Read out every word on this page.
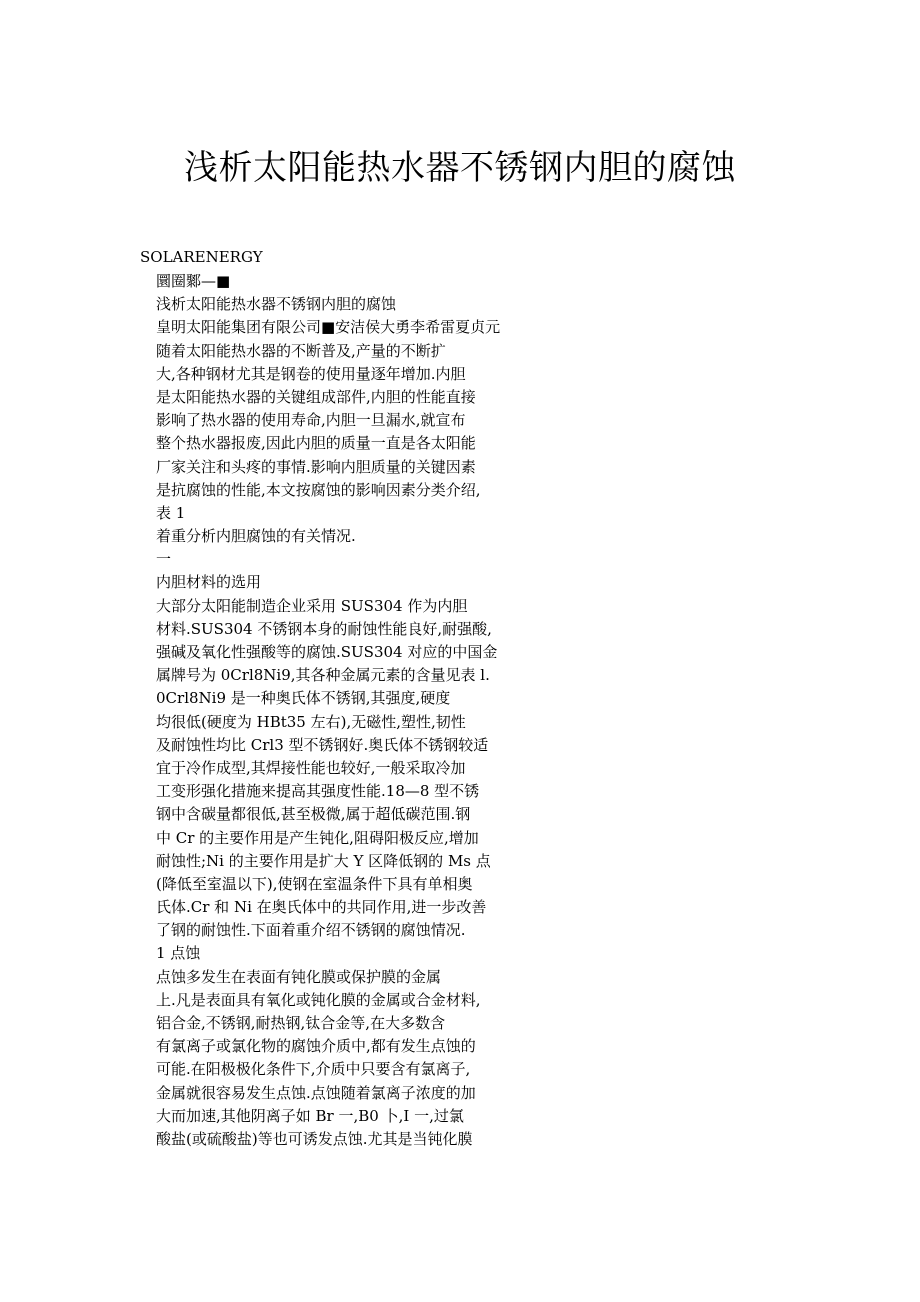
浅析太阳能热水器不锈钢内胆的腐蚀
SOLARENERGY
圜圈鄹—■
浅析太阳能热水器不锈钢内胆的腐蚀
皇明太阳能集团有限公司■安洁侯大勇李希雷夏贞元
随着太阳能热水器的不断普及,产量的不断扩
大,各种钢材尤其是钢卷的使用量逐年增加.内胆
是太阳能热水器的关键组成部件,内胆的性能直接
影响了热水器的使用寿命,内胆一旦漏水,就宣布
整个热水器报废,因此内胆的质量一直是各太阳能
厂家关注和头疼的事情.影响内胆质量的关键因素
是抗腐蚀的性能,本文按腐蚀的影响因素分类介绍,
表 1
着重分析内胆腐蚀的有关情况.
一
内胆材料的选用
大部分太阳能制造企业采用 SUS304 作为内胆
材料.SUS304 不锈钢本身的耐蚀性能良好,耐强酸,
强碱及氧化性强酸等的腐蚀.SUS304 对应的中国金
属牌号为 0Crl8Ni9,其各种金属元素的含量见表 l.
0Crl8Ni9 是一种奥氏体不锈钢,其强度,硬度
均很低(硬度为 HBt35 左右),无磁性,塑性,韧性
及耐蚀性均比 Crl3 型不锈钢好.奥氏体不锈钢较适
宜于冷作成型,其焊接性能也较好,一般采取冷加
工变形强化措施来提高其强度性能.18—8 型不锈
钢中含碳量都很低,甚至极微,属于超低碳范围.钢
中 Cr 的主要作用是产生钝化,阻碍阳极反应,增加
耐蚀性;Ni 的主要作用是扩大 Y 区降低钢的 Ms 点
(降低至室温以下),使钢在室温条件下具有单相奥
氏体.Cr 和 Ni 在奥氏体中的共同作用,进一步改善
了钢的耐蚀性.下面着重介绍不锈钢的腐蚀情况.
1 点蚀
点蚀多发生在表面有钝化膜或保护膜的金属
上.凡是表面具有氧化或钝化膜的金属或合金材料,
铝合金,不锈钢,耐热钢,钛合金等,在大多数含
有氯离子或氯化物的腐蚀介质中,都有发生点蚀的
可能.在阳极极化条件下,介质中只要含有氯离子,
金属就很容易发生点蚀.点蚀随着氯离子浓度的加
大而加速,其他阴离子如 Br 一,B0 卜,I 一,过氯
酸盐(或硫酸盐)等也可诱发点蚀.尤其是当钝化膜
